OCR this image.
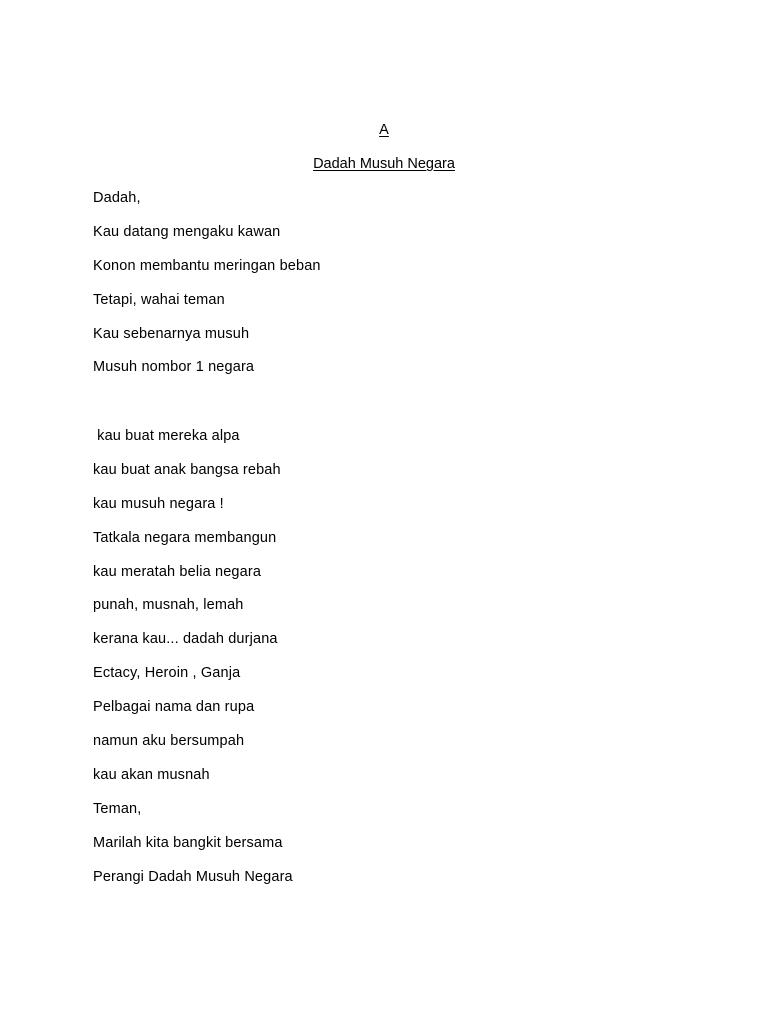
A

Dadah Musuh Negara

Dadah,
Kau datang mengaku kawan
Konon membantu meringan beban
Tetapi, wahai teman
Kau sebenarnya musuh
Musuh nombor 1 negara
kau buat mereka alpa
kau buat anak bangsa rebah
kau musuh negara !
Tatkala negara membangun
kau meratah belia negara
punah, musnah, lemah
kerana kau... dadah durjana
Ectacy, Heroin , Ganja
Pelbagai nama dan rupa
namun aku bersumpah
kau akan musnah
Teman,
Marilah kita bangkit bersama
Perangi Dadah Musuh Negara
